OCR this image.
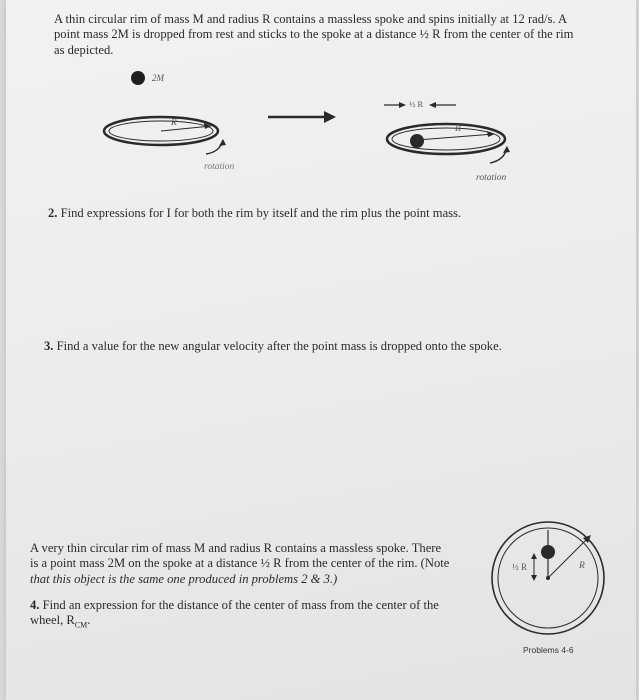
A thin circular rim of mass M and radius R contains a massless spoke and spins initially at 12 rad/s. A
point mass 2M is dropped from rest and sticks to the spoke at a distance ½ R from the center of the rim
as depicted.
2M
R
rotation
½ R
R
rotation
2. Find expressions for I for both the rim by itself and the rim plus the point mass.
3. Find a value for the new angular velocity after the point mass is dropped onto the spoke.
A very thin circular rim of mass M and radius R contains a massless spoke. There
is a point mass 2M on the spoke at a distance ½ R from the center of the rim. (Note
that this object is the same one produced in problems 2 & 3.)
4. Find an expression for the distance of the center of mass from the center of the
wheel, $R_{CM}$.
½ R	R
Problems 4-6
